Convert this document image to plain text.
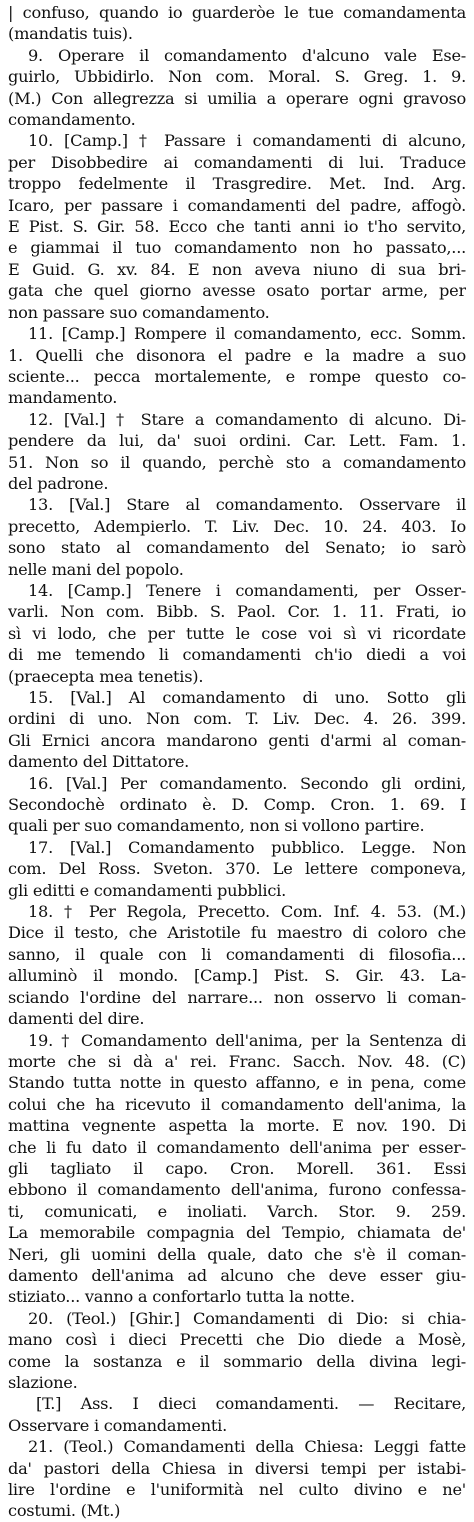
| confuso, quando io guarderòe le tue comandamenta
(mandatis tuis).
9. Operare il comandamento d'alcuno vale Ese-
guirlo, Ubbidirlo. Non com. Moral. S. Greg. 1. 9.
(M.) Con allegrezza si umilia a operare ogni gravoso
comandamento.
10. [Camp.] † Passare i comandamenti di alcuno,
per Disobbedire ai comandamenti di lui. Traduce
troppo fedelmente il Trasgredire. Met. Ind. Arg.
Icaro, per passare i comandamenti del padre, affogò.
E Pist. S. Gir. 58. Ecco che tanti anni io t'ho servito,
e giammai il tuo comandamento non ho passato,...
E Guid. G. xv. 84. E non aveva niuno di sua bri-
gata che quel giorno avesse osato portar arme, per
non passare suo comandamento.
11. [Camp.] Rompere il comandamento, ecc. Somm.
1. Quelli che disonora el padre e la madre a suo
sciente... pecca mortalemente, e rompe questo co-
mandamento.
12. [Val.] † Stare a comandamento di alcuno. Di-
pendere da lui, da' suoi ordini. Car. Lett. Fam. 1.
51. Non so il quando, perchè sto a comandamento
del padrone.
13. [Val.] Stare al comandamento. Osservare il
precetto, Adempierlo. T. Liv. Dec. 10. 24. 403. Io
sono stato al comandamento del Senato; io sarò
nelle mani del popolo.
14. [Camp.] Tenere i comandamenti, per Osser-
varli. Non com. Bibb. S. Paol. Cor. 1. 11. Frati, io
sì vi lodo, che per tutte le cose voi sì vi ricordate
di me temendo li comandamenti ch'io diedi a voi
(praecepta mea tenetis).
15. [Val.] Al comandamento di uno. Sotto gli
ordini di uno. Non com. T. Liv. Dec. 4. 26. 399.
Gli Ernici ancora mandarono genti d'armi al coman-
damento del Dittatore.
16. [Val.] Per comandamento. Secondo gli ordini,
Secondochè ordinato è. D. Comp. Cron. 1. 69. I
quali per suo comandamento, non si vollono partire.
17. [Val.] Comandamento pubblico. Legge. Non
com. Del Ross. Sveton. 370. Le lettere componeva,
gli editti e comandamenti pubblici.
18. † Per Regola, Precetto. Com. Inf. 4. 53. (M.)
Dice il testo, che Aristotile fu maestro di coloro che
sanno, il quale con li comandamenti di filosofia...
alluminò il mondo. [Camp.] Pist. S. Gir. 43. La-
sciando l'ordine del narrare... non osservo li coman-
damenti del dire.
19. † Comandamento dell'anima, per la Sentenza di
morte che si dà a' rei. Franc. Sacch. Nov. 48. (C)
Stando tutta notte in questo affanno, e in pena, come
colui che ha ricevuto il comandamento dell'anima, la
mattina vegnente aspetta la morte. E nov. 190. Di
che li fu dato il comandamento dell'anima per esser-
gli tagliato il capo. Cron. Morell. 361. Essi
ebbono il comandamento dell'anima, furono confessa-
ti, comunicati, e inoliati. Varch. Stor. 9. 259.
La memorabile compagnia del Tempio, chiamata de'
Neri, gli uomini della quale, dato che s'è il coman-
damento dell'anima ad alcuno che deve esser giu-
stiziato... vanno a confortarlo tutta la notte.
20. (Teol.) [Ghir.] Comandamenti di Dio: si chia-
mano così i dieci Precetti che Dio diede a Mosè,
come la sostanza e il sommario della divina legi-
slazione.
[T.] Ass. I dieci comandamenti. — Recitare,
Osservare i comandamenti.
21. (Teol.) Comandamenti della Chiesa: Leggi fatte
da' pastori della Chiesa in diversi tempi per istabi-
lire l'ordine e l'uniformità nel culto divino e ne'
costumi. (Mt.)
